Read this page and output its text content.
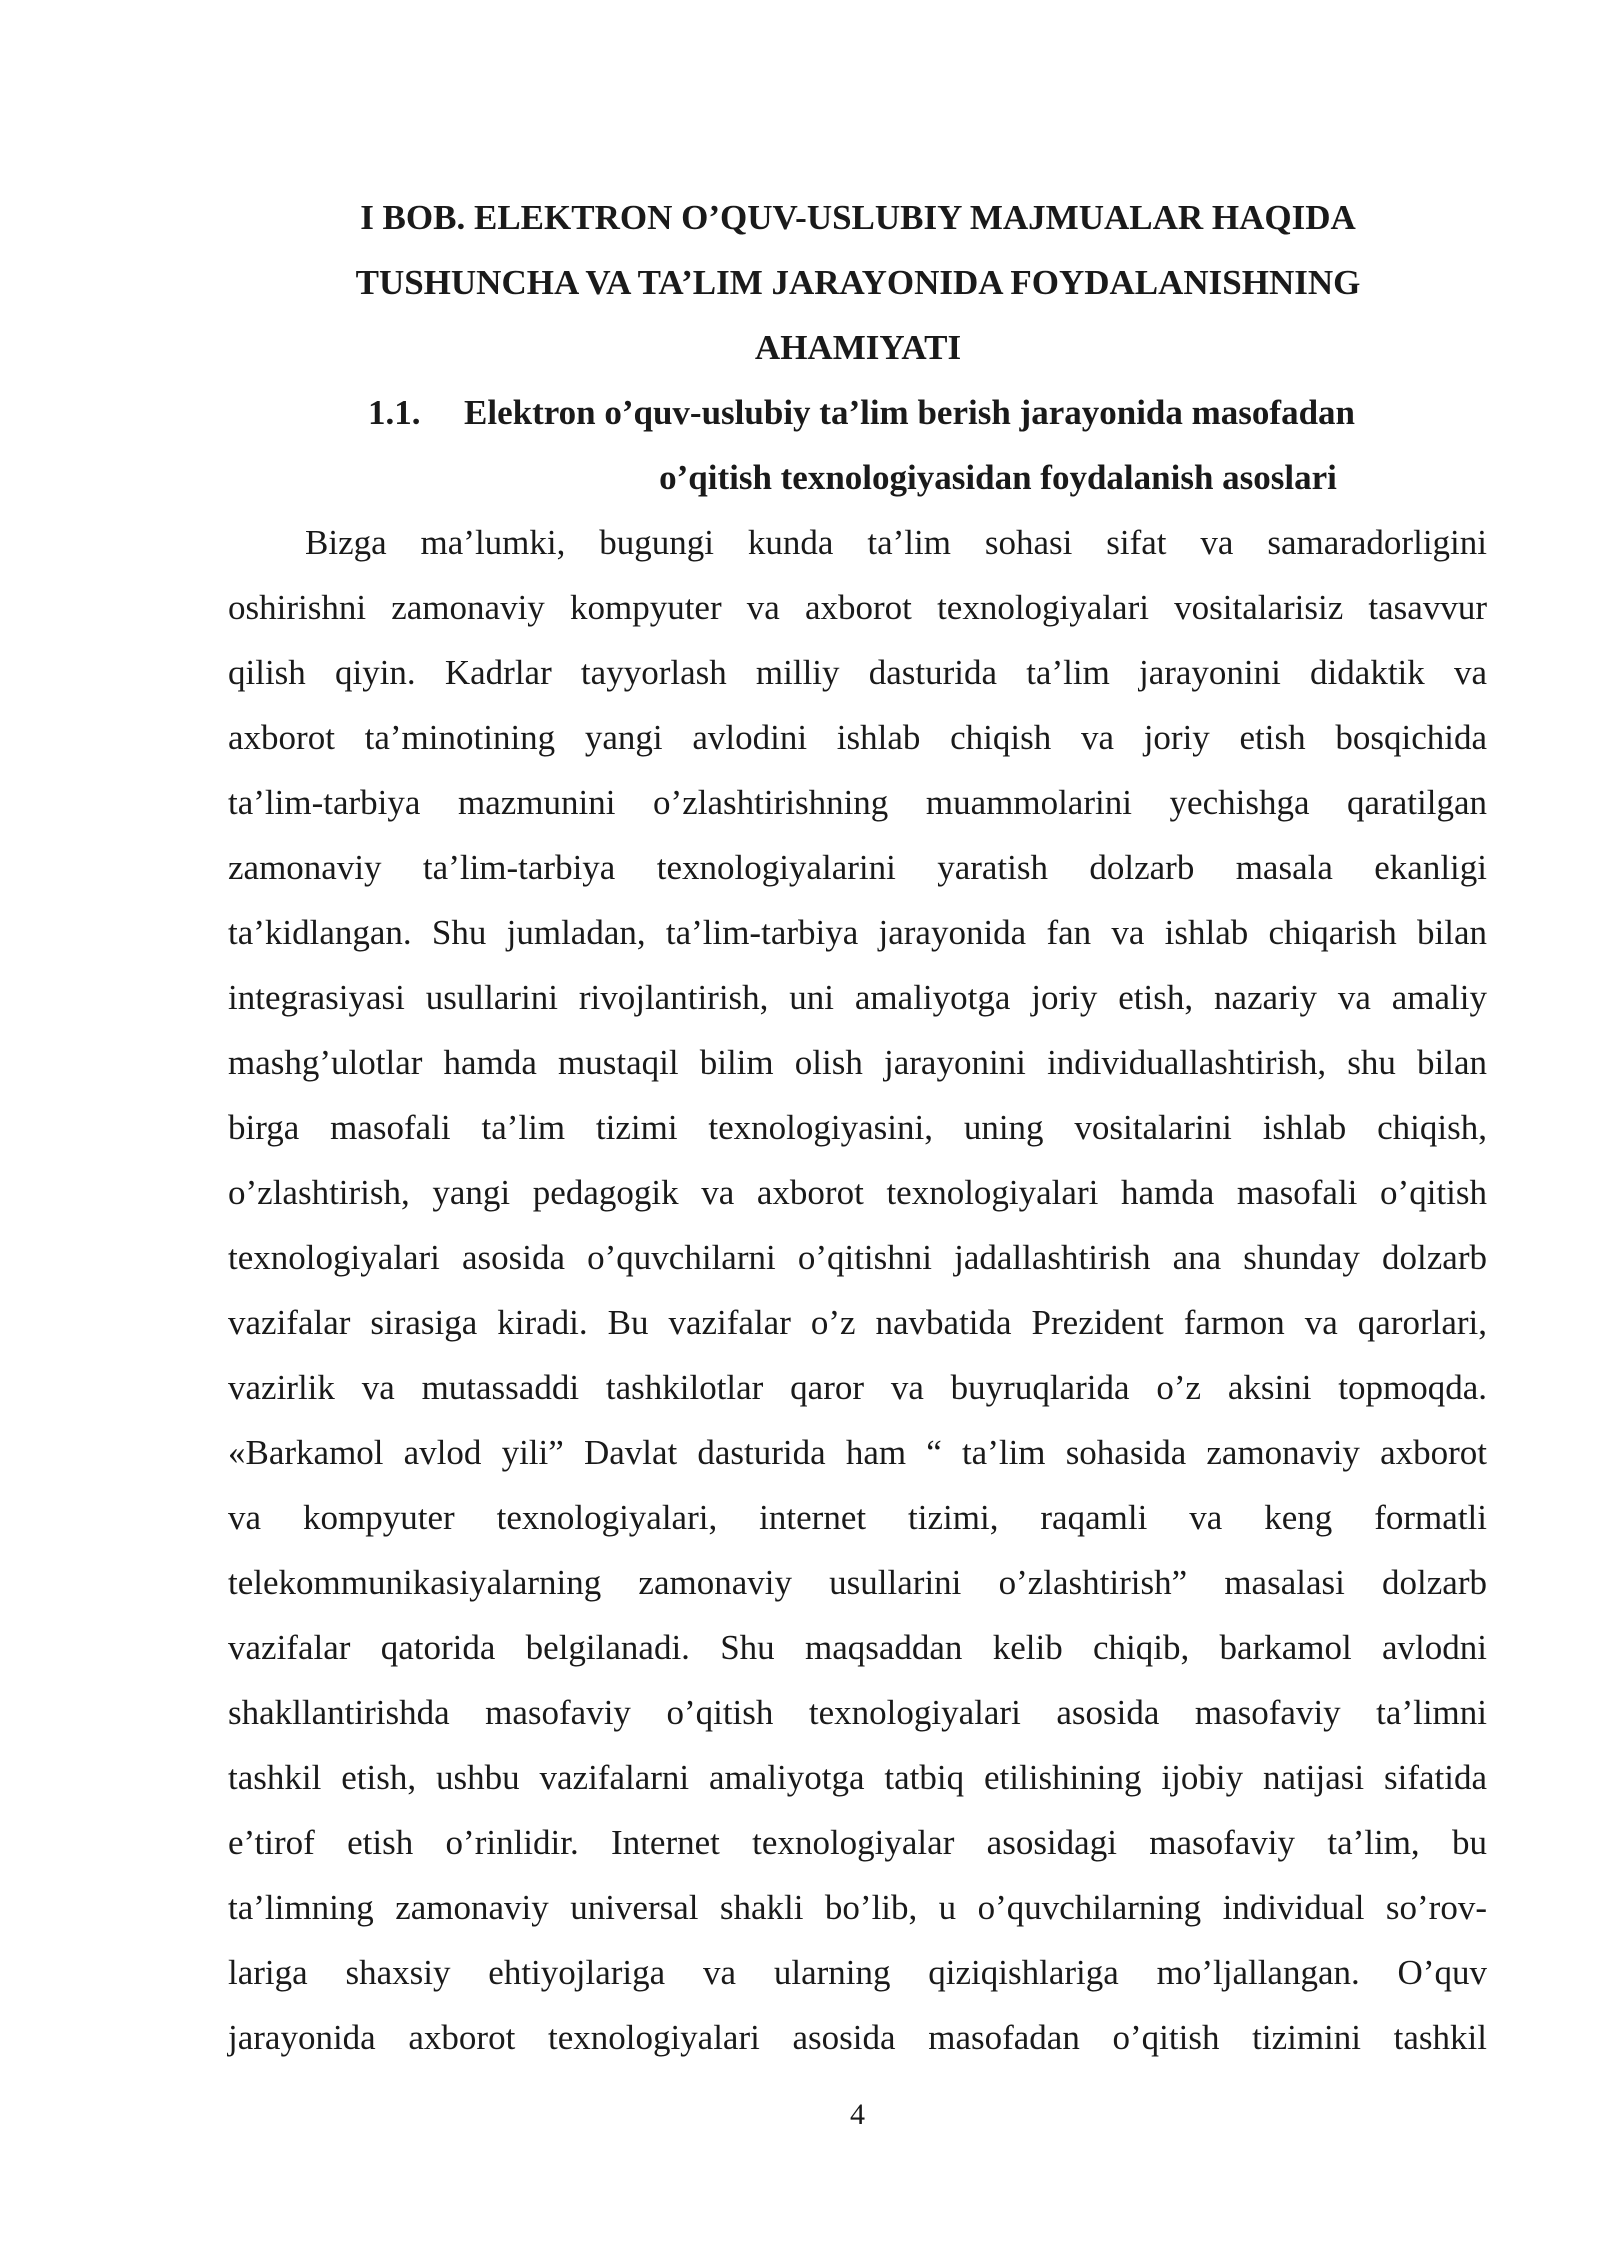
I BOB. ELEKTRON O’QUV-USLUBIY MAJMUALAR HAQIDA
TUSHUNCHA VA TA’LIM JARAYONIDA FOYDALANISHNING
AHAMIYATI
1.1.	Elektron o’quv-uslubiy ta’lim berish jarayonida masofadan
o’qitish texnologiyasidan foydalanish asoslari
Bizga ma’lumki, bugungi kunda ta’lim sohasi sifat va samaradorligini
oshirishni zamonaviy kompyuter va axborot texnologiyalari vositalarisiz tasavvur
qilish qiyin. Kadrlar tayyorlash milliy dasturida ta’lim jarayonini didaktik va
axborot ta’minotining yangi avlodini ishlab chiqish va joriy etish bosqichida
ta’lim-tarbiya mazmunini o’zlashtirishning muammolarini yechishga qaratilgan
zamonaviy ta’lim-tarbiya texnologiyalarini yaratish dolzarb masala ekanligi
ta’kidlangan. Shu jumladan, ta’lim-tarbiya jarayonida fan va ishlab chiqarish bilan
integrasiyasi usullarini rivojlantirish, uni amaliyotga joriy etish, nazariy va amaliy
mashg’ulotlar hamda mustaqil bilim olish jarayonini individuallashtirish, shu bilan
birga masofali ta’lim tizimi texnologiyasini, uning vositalarini ishlab chiqish,
o’zlashtirish, yangi pedagogik va axborot texnologiyalari hamda masofali o’qitish
texnologiyalari asosida o’quvchilarni o’qitishni jadallashtirish ana shunday dolzarb
vazifalar sirasiga kiradi. Bu vazifalar o’z navbatida Prezident farmon va qarorlari,
vazirlik va mutassaddi tashkilotlar qaror va buyruqlarida o’z aksini topmoqda.
«Barkamol avlod yili” Davlat dasturida ham “ ta’lim sohasida zamonaviy axborot
va kompyuter texnologiyalari, internet tizimi, raqamli va keng formatli
telekommunikasiyalarning zamonaviy usullarini o’zlashtirish” masalasi dolzarb
vazifalar qatorida belgilanadi. Shu maqsaddan kelib chiqib, barkamol avlodni
shakllantirishda masofaviy o’qitish texnologiyalari asosida masofaviy ta’limni
tashkil etish, ushbu vazifalarni amaliyotga tatbiq etilishining ijobiy natijasi sifatida
e’tirof etish o’rinlidir. Internet texnologiyalar asosidagi masofaviy ta’lim, bu
ta’limning zamonaviy universal shakli bo’lib, u o’quvchilarning individual so’rov-
lariga shaxsiy ehtiyojlariga va ularning qiziqishlariga mo’ljallangan. O’quv
jarayonida axborot texnologiyalari asosida masofadan o’qitish tizimini tashkil
4
